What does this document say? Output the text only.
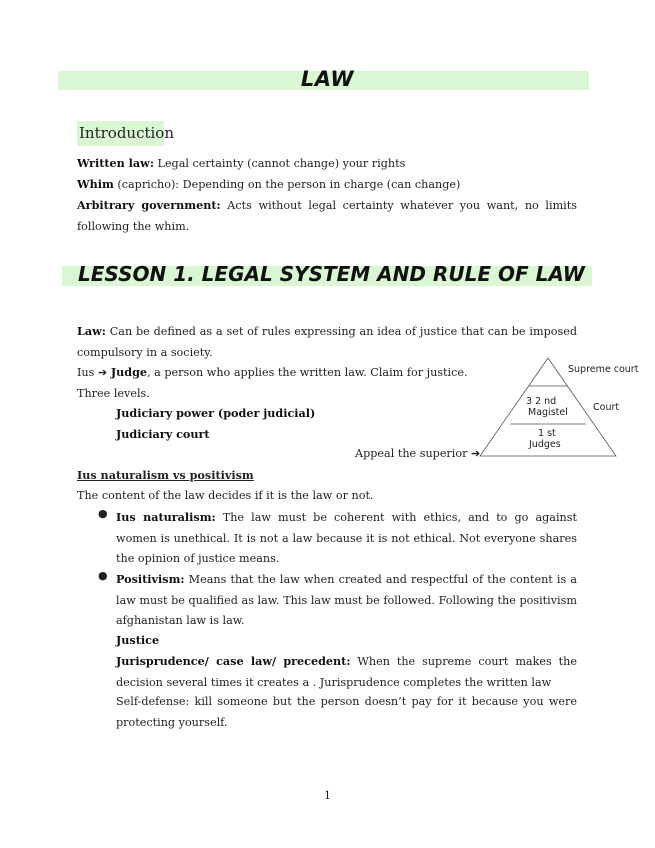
LAW
Introduction
Written law: Legal certainty (cannot change) your rights
Whim (capricho): Depending on the person in charge (can change)
Arbitrary government: Acts without legal certainty whatever you want, no limits following the whim.
LESSON 1. LEGAL SYSTEM AND RULE OF LAW
Law: Can be defined as a set of rules expressing an idea of justice that can be imposed compulsory in a society.
Ius ➔ Judge, a person who applies the written law. Claim for justice. Three levels.
Judiciary power (poder judicial)
Judiciary court
Appeal the superior ➔
Supreme court
Court
3 2 nd
Magistel
1 st
Judges
Ius naturalism vs positivism
The content of the law decides if it is the law or not.
● Ius naturalism: The law must be coherent with ethics, and to go against women is unethical. It is not a law because it is not ethical. Not everyone shares the opinion of justice means.
● Positivism: Means that the law when created and respectful of the content is a law must be qualified as law. This law must be followed. Following the positivism afghanistan law is law.
Justice
Jurisprudence/ case law/ precedent: When the supreme court makes the decision several times it creates a . Jurisprudence completes the written law
Self-defense: kill someone but the person doesn’t pay for it because you were protecting yourself.
1
